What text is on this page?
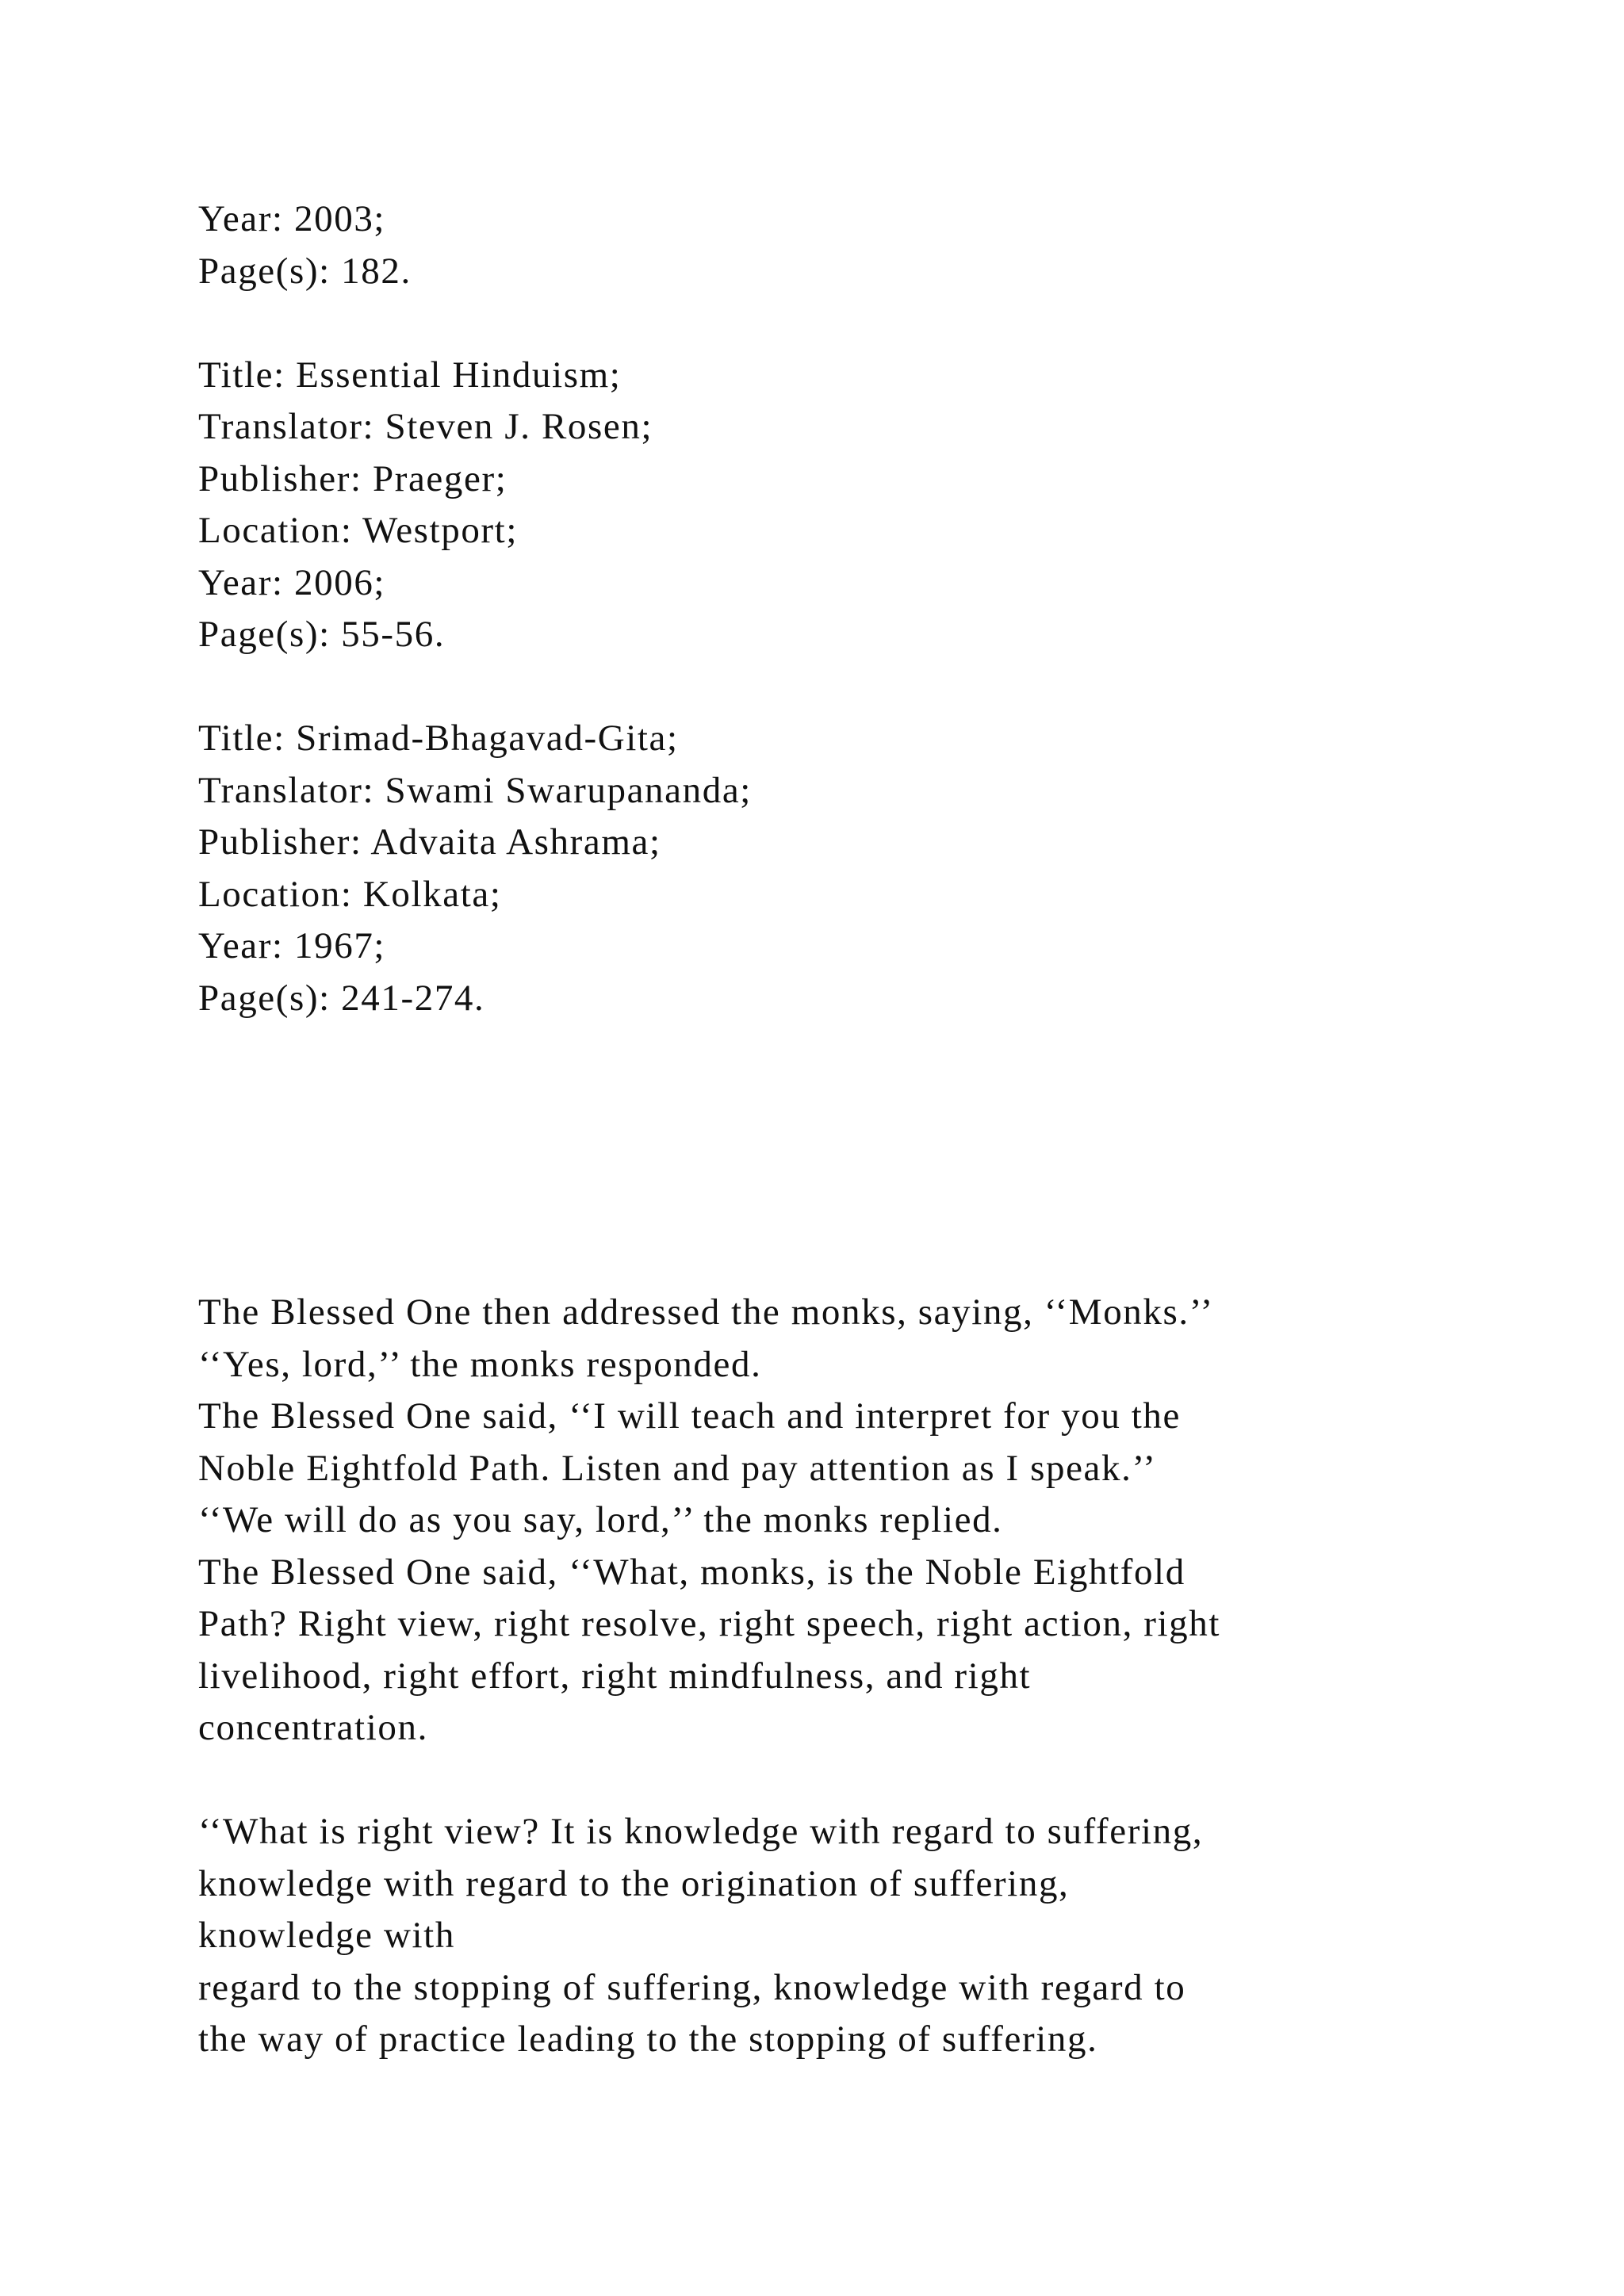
Year: 2003;
Page(s): 182.
Title: Essential Hinduism;
Translator: Steven J. Rosen;
Publisher: Praeger;
Location: Westport;
Year: 2006;
Page(s): 55-56.
Title: Srimad-Bhagavad-Gita;
Translator: Swami Swarupananda;
Publisher: Advaita Ashrama;
Location: Kolkata;
Year: 1967;
Page(s): 241-274.
The Blessed One then addressed the monks, saying, ‘‘Monks.’’
‘‘Yes, lord,’’ the monks responded.
The Blessed One said, ‘‘I will teach and interpret for you the
Noble Eightfold Path. Listen and pay attention as I speak.’’
‘‘We will do as you say, lord,’’ the monks replied.
The Blessed One said, ‘‘What, monks, is the Noble Eightfold
Path? Right view, right resolve, right speech, right action, right
livelihood, right effort, right mindfulness, and right
concentration.
‘‘What is right view? It is knowledge with regard to suffering,
knowledge with regard to the origination of suffering,
knowledge with
regard to the stopping of suffering, knowledge with regard to
the way of practice leading to the stopping of suffering.
